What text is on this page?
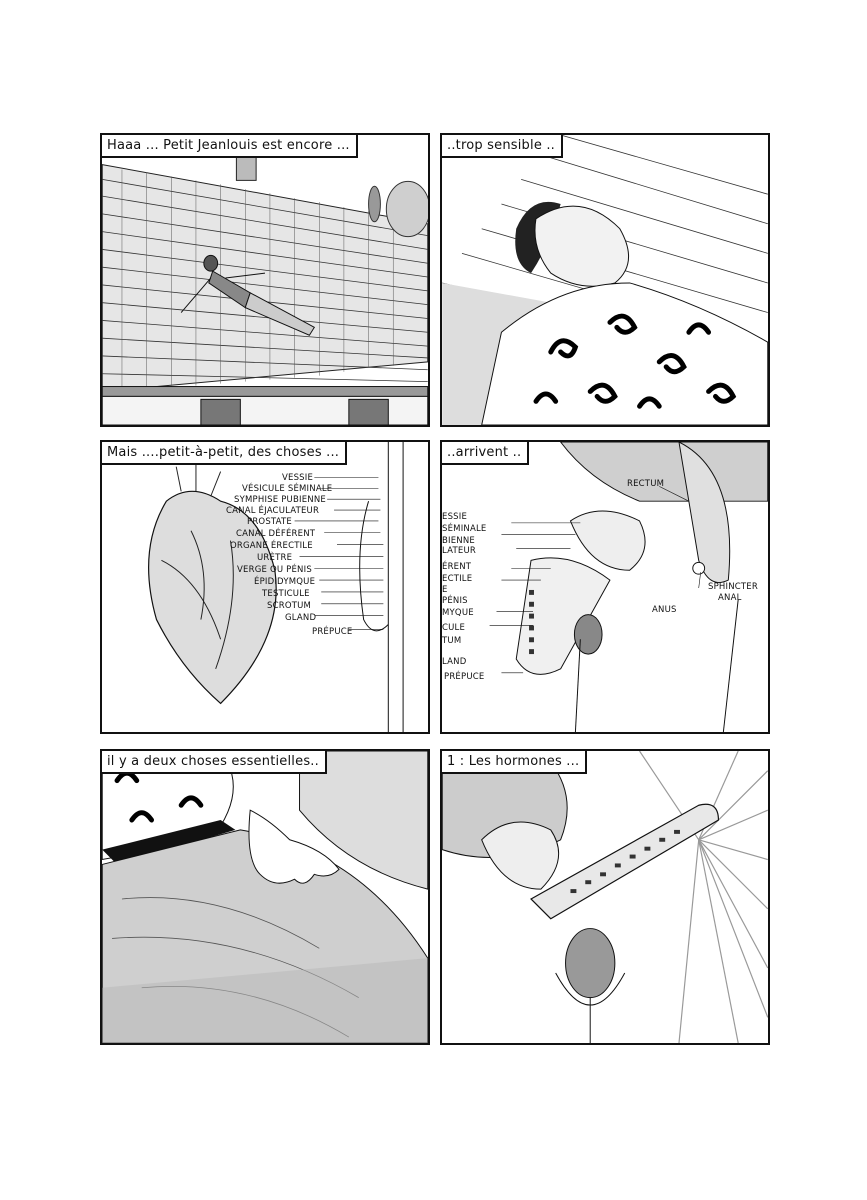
Haaa ... Petit Jeanlouis est encore ...	..trop sensible ..
Mais ....petit-à-petit, des choses ...
VESSIE
VÉSICULE SÉMINALE
SYMPHISE PUBIENNE
CANAL ÉJACULATEUR
PROSTATE
CANAL DÉFÉRENT
ORGANE ÉRECTILE
URÈTRE
VERGE OU PÉNIS
ÉPIDIDYMQUE
TESTICULE
SCROTUM
GLAND
PRÉPUCE
..arrivent ..
ESSIE
SÉMINALE
BIENNE
LATEUR
ÉRENT
ECTILE
E
PÉNIS
MYQUE
CULE
TUM
LAND
PRÉPUCE
RECTUM
ANUS
SPHINCTER
ANAL
il y a deux choses essentielles..	1 : Les hormones ...
